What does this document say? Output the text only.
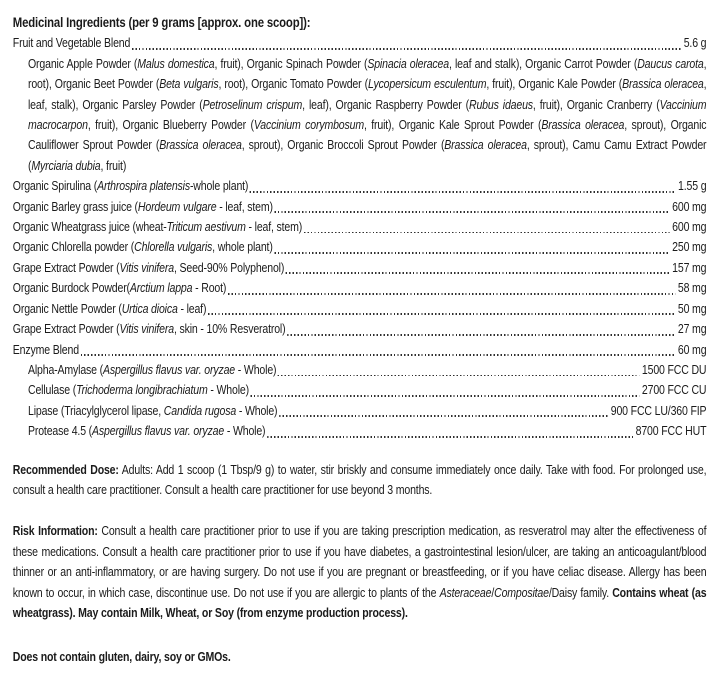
Medicinal Ingredients (per 9 grams [approx. one scoop]):
Fruit and Vegetable Blend	5.6 g
Organic Apple Powder (Malus domestica, fruit), Organic Spinach Powder (Spinacia oleracea, leaf and stalk), Organic Carrot Powder (Daucus carota, root), Organic Beet Powder (Beta vulgaris, root), Organic Tomato Powder (Lycopersicum esculentum, fruit), Organic Kale Powder (Brassica oleracea, leaf, stalk), Organic Parsley Powder (Petroselinum crispum, leaf), Organic Raspberry Powder (Rubus idaeus, fruit), Organic Cranberry (Vaccinium macrocarpon, fruit), Organic Blueberry Powder (Vaccinium corymbosum, fruit), Organic Kale Sprout Powder (Brassica oleracea, sprout), Organic Cauliflower Sprout Powder (Brassica oleracea, sprout), Organic Broccoli Sprout Powder (Brassica oleracea, sprout), Camu Camu Extract Powder (Myrciaria dubia, fruit)
Organic Spirulina (Arthrospira platensis-whole plant)	1.55 g
Organic Barley grass juice (Hordeum vulgare - leaf, stem)	600 mg
Organic Wheatgrass juice (wheat-Triticum aestivum - leaf, stem)	600 mg
Organic Chlorella powder (Chlorella vulgaris, whole plant)	250 mg
Grape Extract Powder (Vitis vinifera, Seed-90% Polyphenol)	157 mg
Organic Burdock Powder(Arctium lappa - Root)	58 mg
Organic Nettle Powder (Urtica dioica - leaf)	50 mg
Grape Extract Powder (Vitis vinifera, skin - 10% Resveratrol)	27 mg
Enzyme Blend	60 mg
Alpha-Amylase (Aspergillus flavus var. oryzae - Whole)	1500 FCC DU
Cellulase (Trichoderma longibrachiatum - Whole)	2700 FCC CU
Lipase (Triacylglycerol lipase, Candida rugosa - Whole)	900 FCC LU/360 FIP
Protease 4.5 (Aspergillus flavus var. oryzae - Whole)	8700 FCC HUT
Recommended Dose: Adults: Add 1 scoop (1 Tbsp/9 g) to water, stir briskly and consume immediately once daily. Take with food. For prolonged use, consult a health care practitioner. Consult a health care practitioner for use beyond 3 months.
Risk Information: Consult a health care practitioner prior to use if you are taking prescription medication, as resveratrol may alter the effectiveness of these medications. Consult a health care practitioner prior to use if you have diabetes, a gastrointestinal lesion/ulcer, are taking an anticoagulant/blood thinner or an anti-inflammatory, or are having surgery. Do not use if you are pregnant or breastfeeding, or if you have celiac disease. Allergy has been known to occur, in which case, discontinue use. Do not use if you are allergic to plants of the Asteraceae/Compositae/Daisy family. Contains wheat (as wheatgrass). May contain Milk, Wheat, or Soy (from enzyme production process).
Does not contain gluten, dairy, soy or GMOs.
